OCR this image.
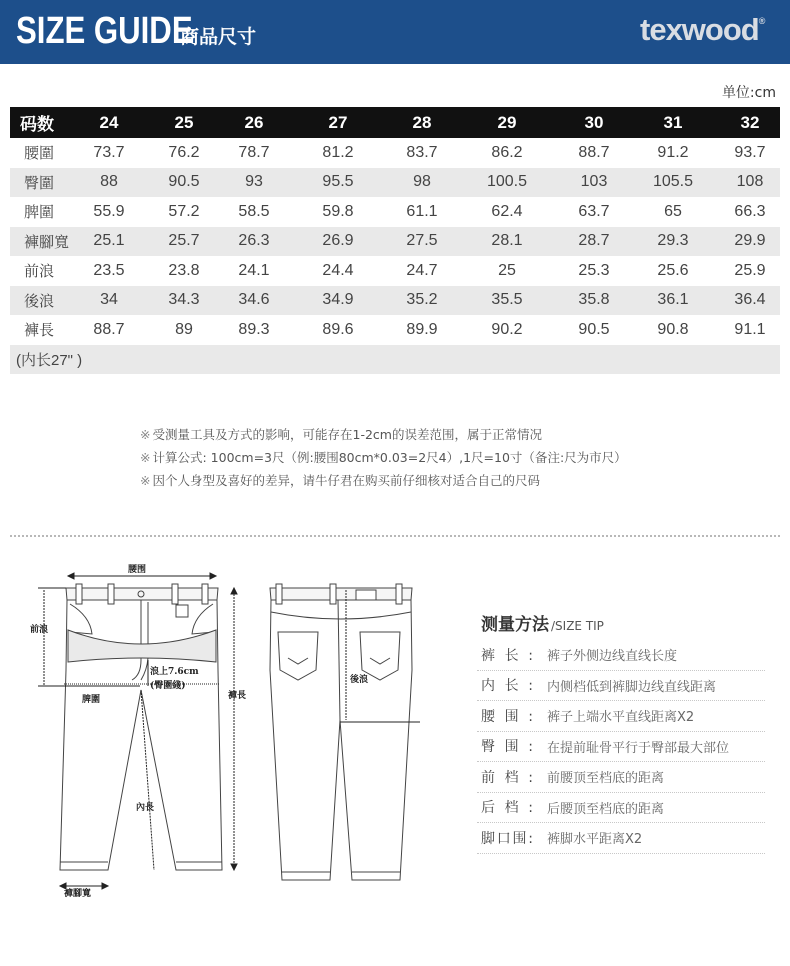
SIZE GUIDE
商品尺寸	texwood®
单位:cm
码数	24	25	26	27	28	29	30	31	32
腰圍	73.7	76.2	78.7	81.2	83.7	86.2	88.7	91.2	93.7
臀圍	88	90.5	93	95.5	98	100.5	103	105.5	108
脾圍	55.9	57.2	58.5	59.8	61.1	62.4	63.7	65	66.3
褲腳寬	25.1	25.7	26.3	26.9	27.5	28.1	28.7	29.3	29.9
前浪	23.5	23.8	24.1	24.4	24.7	25	25.3	25.6	25.9
後浪	34	34.3	34.6	34.9	35.2	35.5	35.8	36.1	36.4
褲長	88.7	89	89.3	89.6	89.9	90.2	90.5	90.8	91.1
(内长27" )									
※ 受测量工具及方式的影响，可能存在1-2cm的误差范围，属于正常情况
※ 计算公式: 100cm=3尺（例:腰围80cm*0.03=2尺4）,1尺=10寸（备注:尺为市尺）
※ 因个人身型及喜好的差异，请牛仔君在购买前仔细核对适合自己的尺码
腰围
前浪
浪上7.6cm
(臀圍綫)
脾圍	褲長
內長
褲腳寬
後浪
测量方法 /SIZE TIP
裤长: 裤子外侧边线直线长度
内长: 内侧档低到裤脚边线直线距离
腰围: 裤子上端水平直线距离X2
臀围: 在提前耻骨平行于臀部最大部位
前档: 前腰顶至档底的距离
后档: 后腰顶至档底的距离
脚口围: 裤脚水平距离X2
